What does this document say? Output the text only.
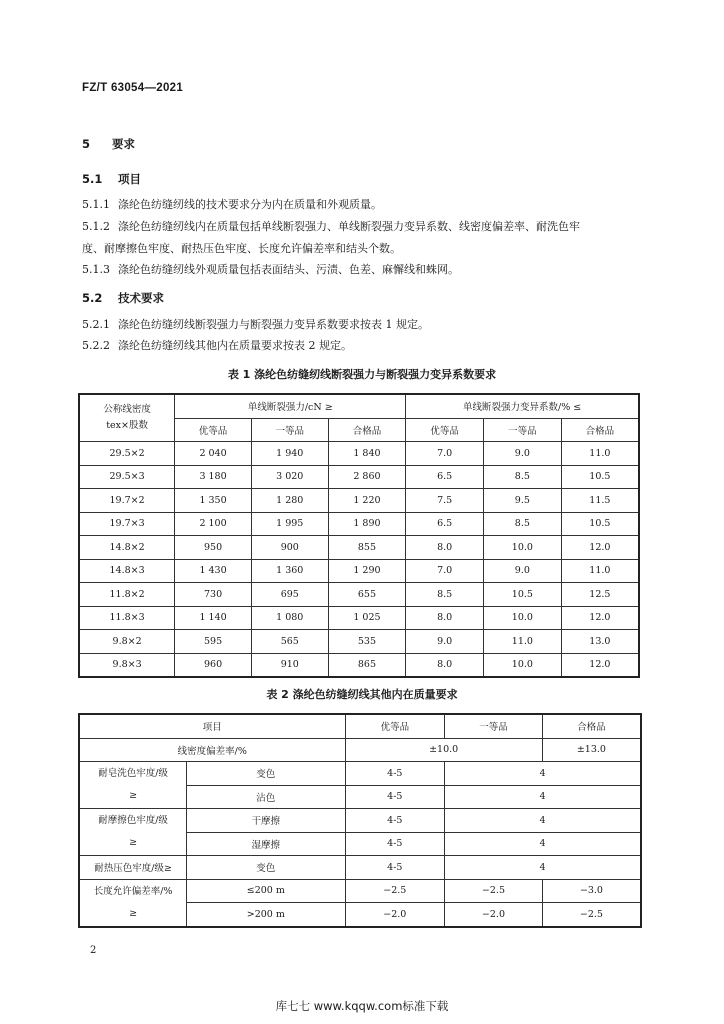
FZ/T 63054—2021
5 要求
5.1 项目
5.1.1 涤纶色纺缝纫线的技术要求分为内在质量和外观质量。
5.1.2 涤纶色纺缝纫线内在质量包括单线断裂强力、单线断裂强力变异系数、线密度偏差率、耐洗色牢
度、耐摩擦色牢度、耐热压色牢度、长度允许偏差率和结头个数。
5.1.3 涤纶色纺缝纫线外观质量包括表面结头、污渍、色差、麻懈线和蛛网。
5.2 技术要求
5.2.1 涤纶色纺缝纫线断裂强力与断裂强力变异系数要求按表 1 规定。
5.2.2 涤纶色纺缝纫线其他内在质量要求按表 2 规定。
表 1 涤纶色纺缝纫线断裂强力与断裂强力变异系数要求
公称线密度
tex×股数	单线断裂强力/cN ≥			单线断裂强力变异系数/% ≤		
	优等品	一等品	合格品	优等品	一等品	合格品
29.5×2	2 040	1 940	1 840	7.0	9.0	11.0
29.5×3	3 180	3 020	2 860	6.5	8.5	10.5
19.7×2	1 350	1 280	1 220	7.5	9.5	11.5
19.7×3	2 100	1 995	1 890	6.5	8.5	10.5
14.8×2	950	900	855	8.0	10.0	12.0
14.8×3	1 430	1 360	1 290	7.0	9.0	11.0
11.8×2	730	695	655	8.5	10.5	12.5
11.8×3	1 140	1 080	1 025	8.0	10.0	12.0
9.8×2	595	565	535	9.0	11.0	13.0
9.8×3	960	910	865	8.0	10.0	12.0
表 2 涤纶色纺缝纫线其他内在质量要求
项目		优等品	一等品	合格品
线密度偏差率/%		±10.0		±13.0

耐皂洗色牢度/级
≥	变色	4-5	4	
	沾色	4-5	4	

耐摩擦色牢度/级
≥	干摩擦	4-5	4	
	湿摩擦	4-5	4	
耐热压色牢度/级≥	变色	4-5	4	

长度允许偏差率/%
≥	≤200 m	−2.5	−2.5	−3.0
	>200 m	−2.0	−2.0	−2.5
2
库七七 www.kqqw.com标准下载
